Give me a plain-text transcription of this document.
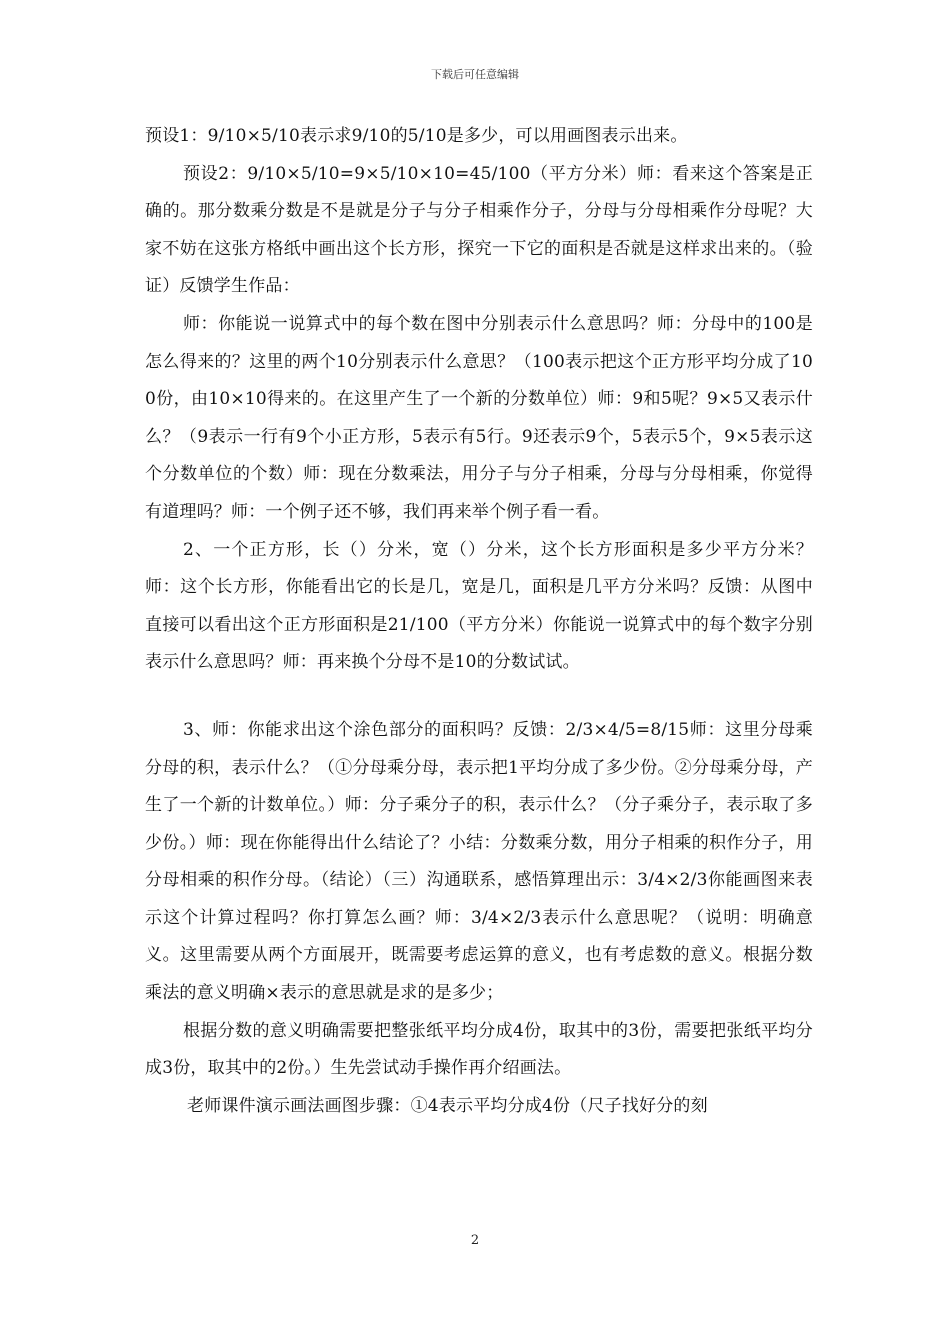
下载后可任意编辑

预设1：9/10×5/10表示求9/10的5/10是多少，可以用画图表示出来。

预设2：9/10×5/10=9×5/10×10=45/100（平方分米）师：看来这个答案是正确的。那分数乘分数是不是就是分子与分子相乘作分子，分母与分母相乘作分母呢？大家不妨在这张方格纸中画出这个长方形，探究一下它的面积是否就是这样求出来的。（验证）反馈学生作品：

师：你能说一说算式中的每个数在图中分别表示什么意思吗？师：分母中的100是怎么得来的？这里的两个10分别表示什么意思？（100表示把这个正方形平均分成了100份，由10×10得来的。在这里产生了一个新的分数单位）师：9和5呢？9×5又表示什么？（9表示一行有9个小正方形，5表示有5行。9还表示9个，5表示5个，9×5表示这个分数单位的个数）师：现在分数乘法，用分子与分子相乘，分母与分母相乘，你觉得有道理吗？师：一个例子还不够，我们再来举个例子看一看。

2、一个正方形，长（）分米，宽（）分米，这个长方形面积是多少平方分米？师：这个长方形，你能看出它的长是几，宽是几，面积是几平方分米吗？反馈：从图中直接可以看出这个正方形面积是21/100（平方分米）你能说一说算式中的每个数字分别表示什么意思吗？师：再来换个分母不是10的分数试试。

3、师：你能求出这个涂色部分的面积吗？反馈：2/3×4/5=8/15师：这里分母乘分母的积，表示什么？（①分母乘分母，表示把1平均分成了多少份。②分母乘分母，产生了一个新的计数单位。）师：分子乘分子的积，表示什么？（分子乘分子，表示取了多少份。）师：现在你能得出什么结论了？小结：分数乘分数，用分子相乘的积作分子，用分母相乘的积作分母。（结论）（三）沟通联系，感悟算理出示：3/4×2/3你能画图来表示这个计算过程吗？你打算怎么画？师：3/4×2/3表示什么意思呢？（说明：明确意义。这里需要从两个方面展开，既需要考虑运算的意义，也有考虑数的意义。根据分数乘法的意义明确×表示的意思就是求的是多少；

根据分数的意义明确需要把整张纸平均分成4份，取其中的3份，需要把张纸平均分成3份，取其中的2份。）生先尝试动手操作再介绍画法。

老师课件演示画法画图步骤：①4表示平均分成4份（尺子找好分的刻

2
